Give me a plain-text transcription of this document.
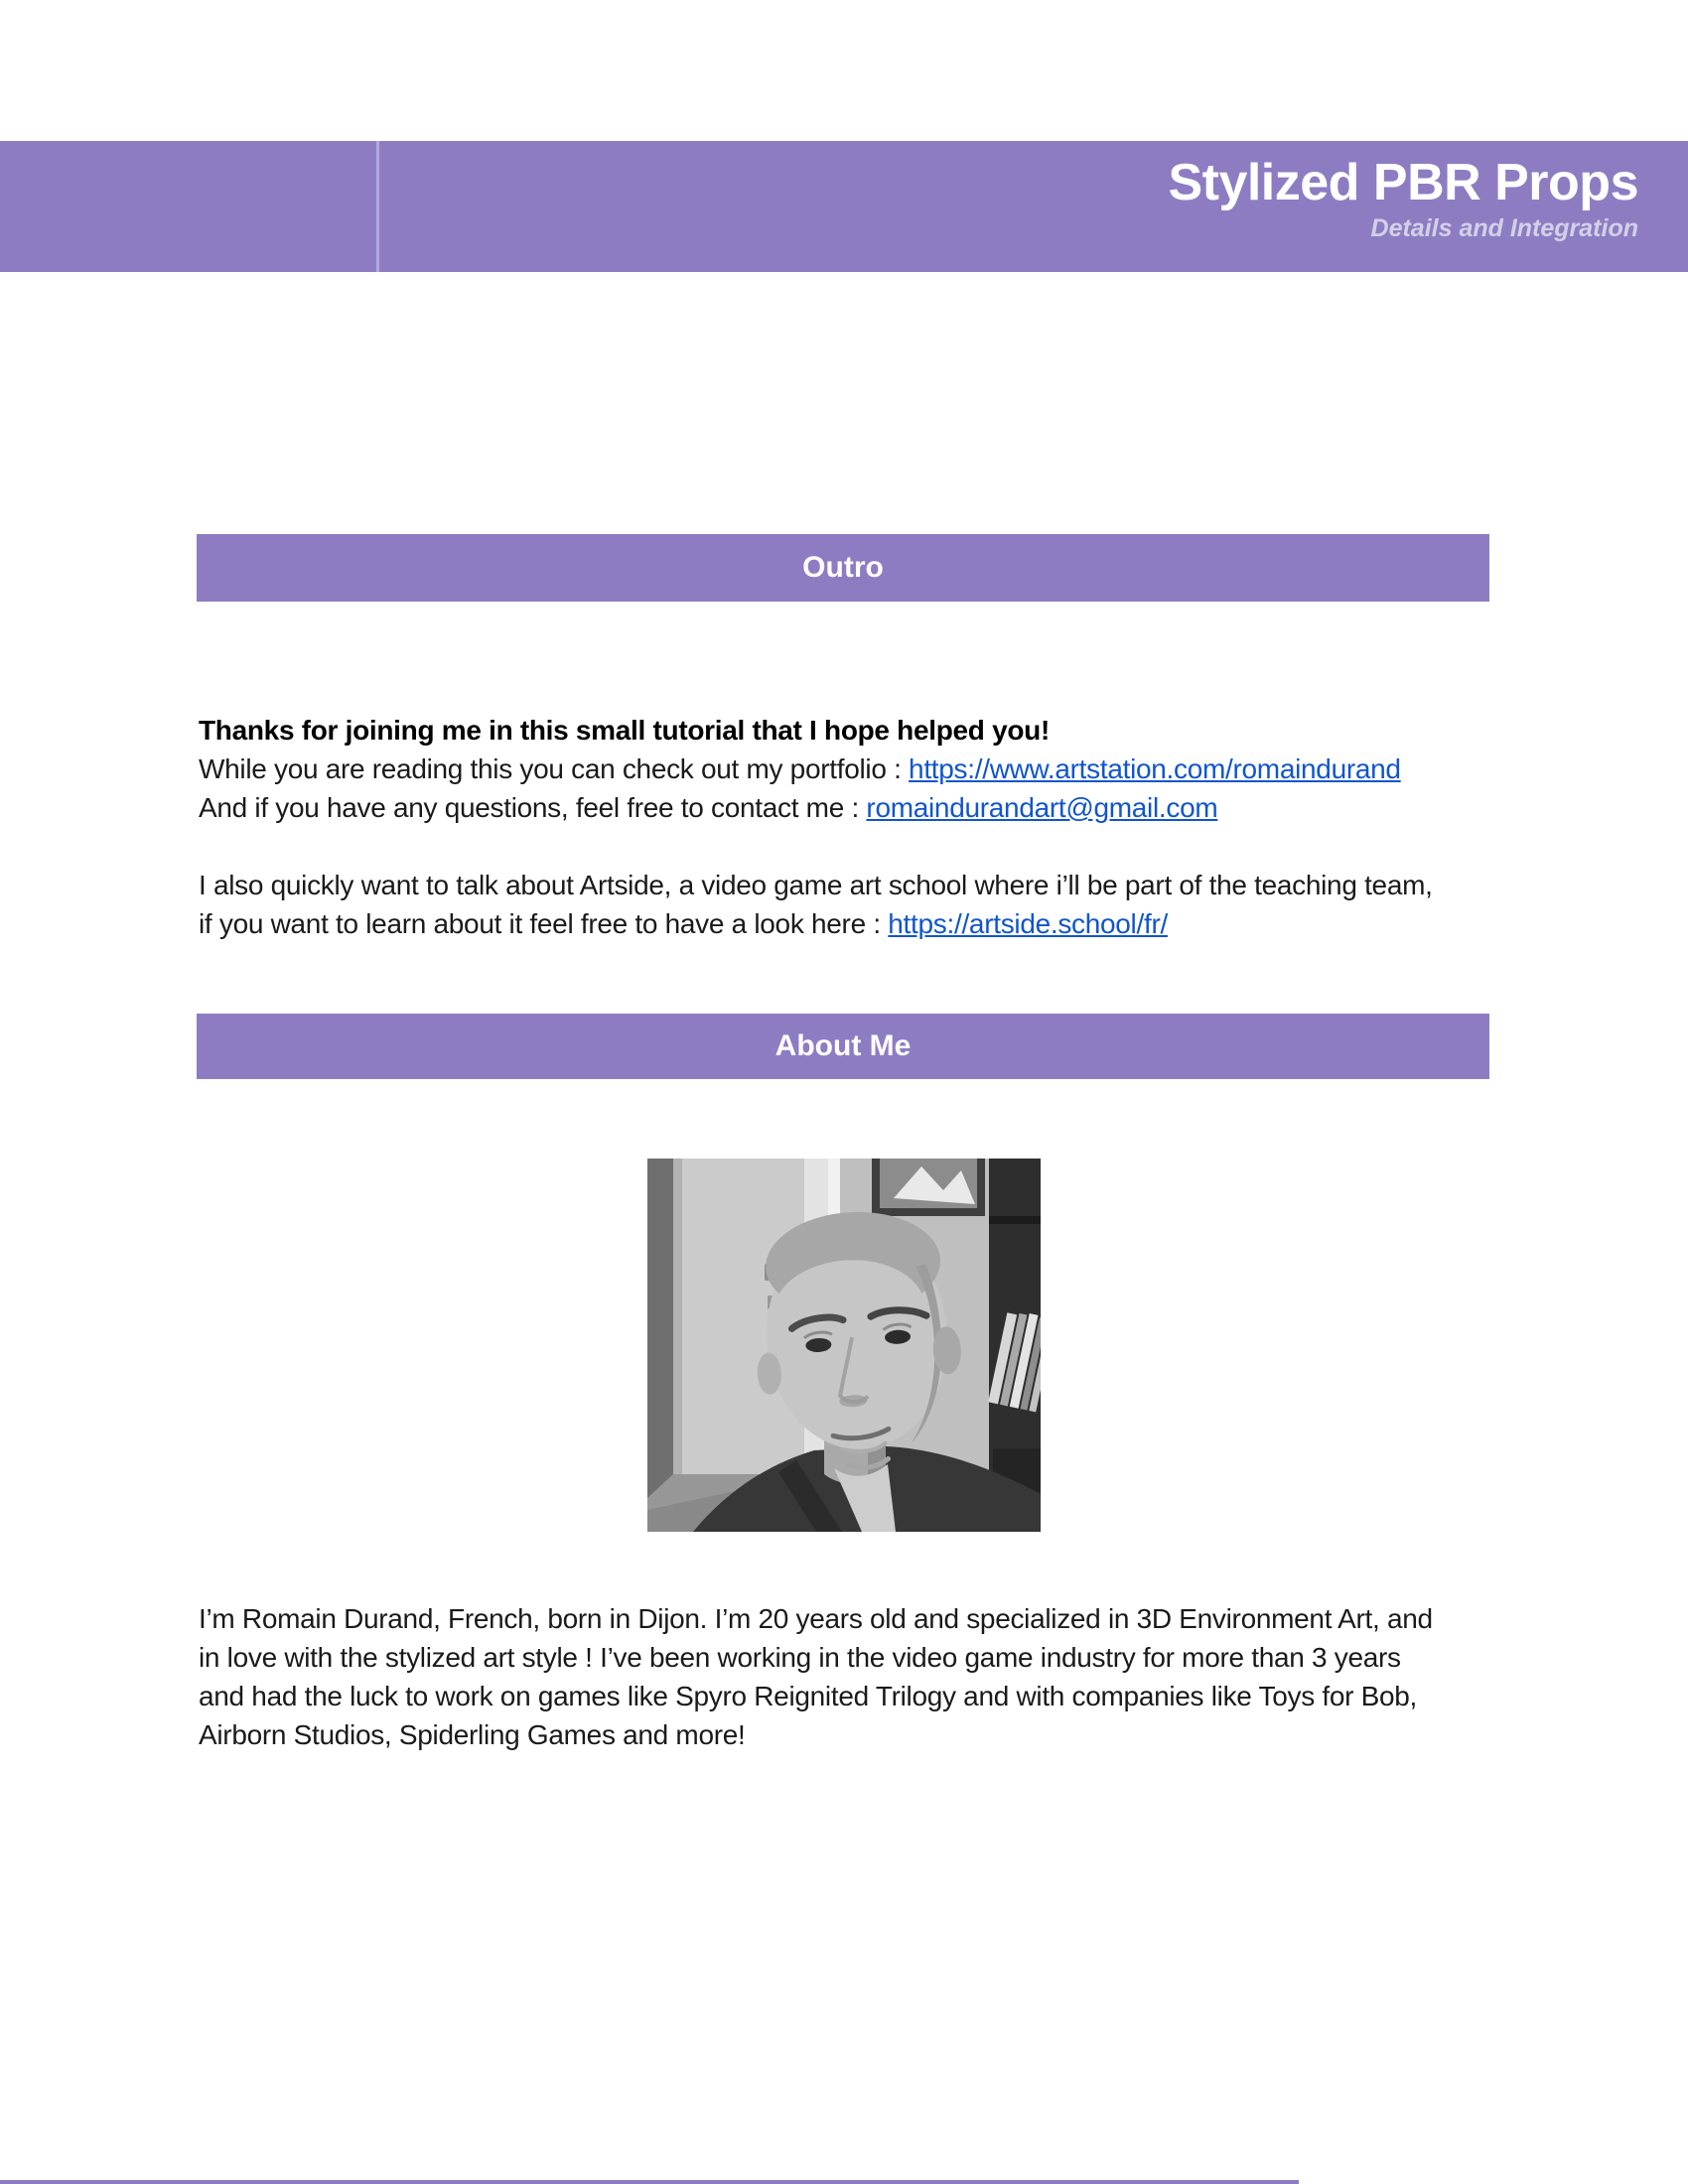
Stylized PBR Props
Details and Integration
Outro
Thanks for joining me in this small tutorial that I hope helped you!
While you are reading this you can check out my portfolio : https://www.artstation.com/romaindurand
And if you have any questions, feel free to contact me : romaindurandart@gmail.com
I also quickly want to talk about Artside, a video game art school where i’ll be part of the teaching team,
if you want to learn about it feel free to have a look here : https://artside.school/fr/
About Me
I’m Romain Durand, French, born in Dijon. I’m 20 years old and specialized in 3D Environment Art, and
in love with the stylized art style ! I’ve been working in the video game industry for more than 3 years
and had the luck to work on games like Spyro Reignited Trilogy and with companies like Toys for Bob,
Airborn Studios, Spiderling Games and more!
